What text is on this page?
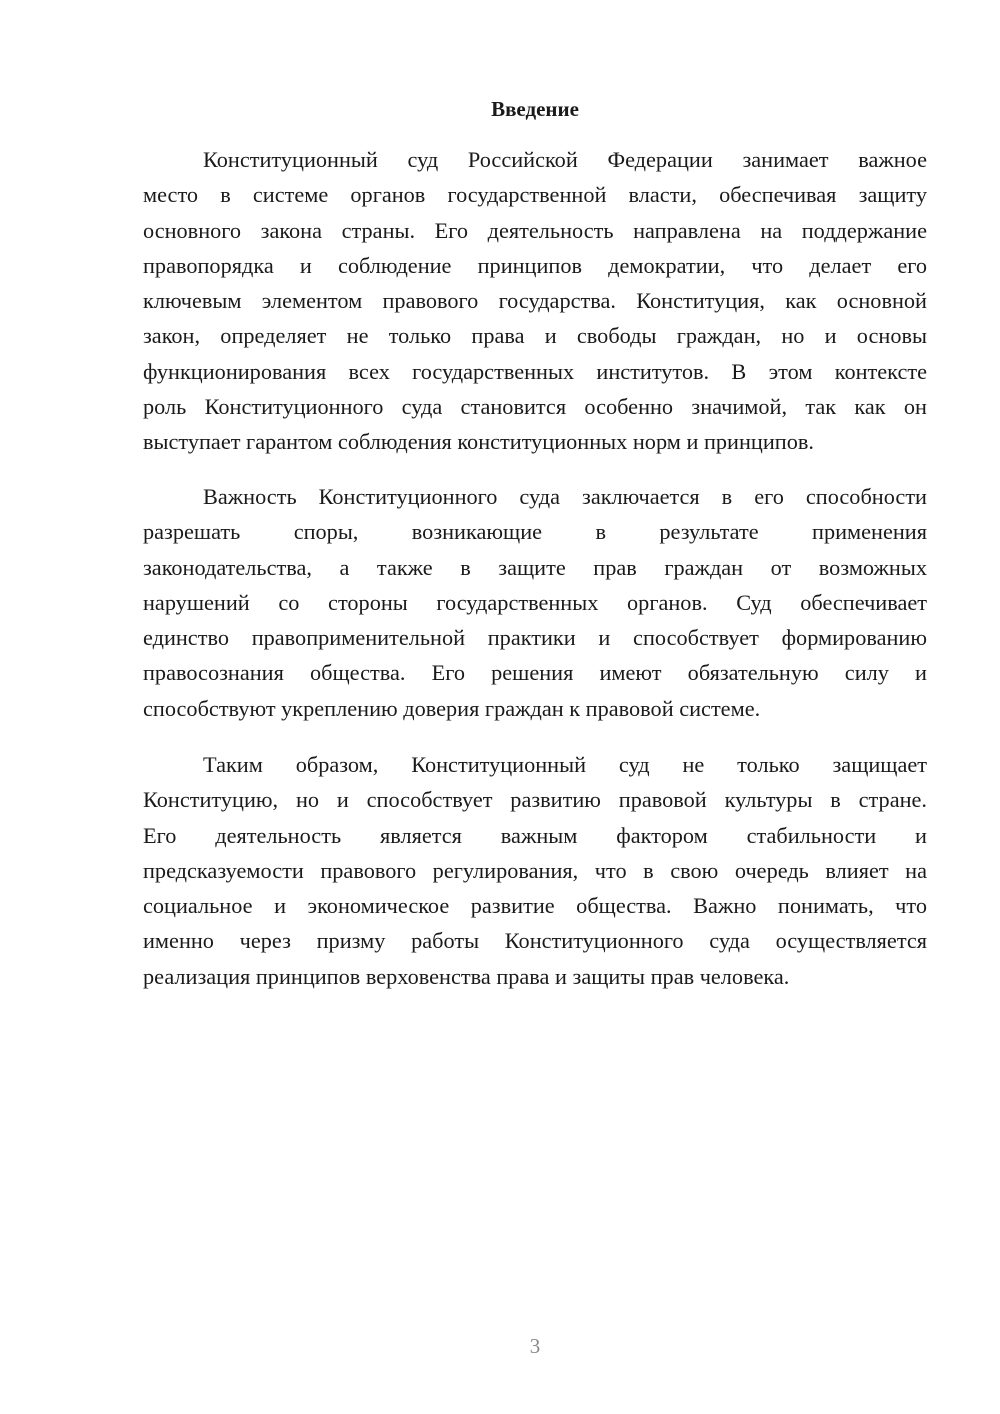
Введение
Конституционный суд Российской Федерации занимает важное
место в системе органов государственной власти, обеспечивая защиту
основного закона страны. Его деятельность направлена на поддержание
правопорядка и соблюдение принципов демократии, что делает его
ключевым элементом правового государства. Конституция, как основной
закон, определяет не только права и свободы граждан, но и основы
функционирования всех государственных институтов. В этом контексте
роль Конституционного суда становится особенно значимой, так как он
выступает гарантом соблюдения конституционных норм и принципов.
Важность Конституционного суда заключается в его способности
разрешать споры, возникающие в результате применения
законодательства, а также в защите прав граждан от возможных
нарушений со стороны государственных органов. Суд обеспечивает
единство правоприменительной практики и способствует формированию
правосознания общества. Его решения имеют обязательную силу и
способствуют укреплению доверия граждан к правовой системе.
Таким образом, Конституционный суд не только защищает
Конституцию, но и способствует развитию правовой культуры в стране.
Его деятельность является важным фактором стабильности и
предсказуемости правового регулирования, что в свою очередь влияет на
социальное и экономическое развитие общества. Важно понимать, что
именно через призму работы Конституционного суда осуществляется
реализация принципов верховенства права и защиты прав человека.
3
